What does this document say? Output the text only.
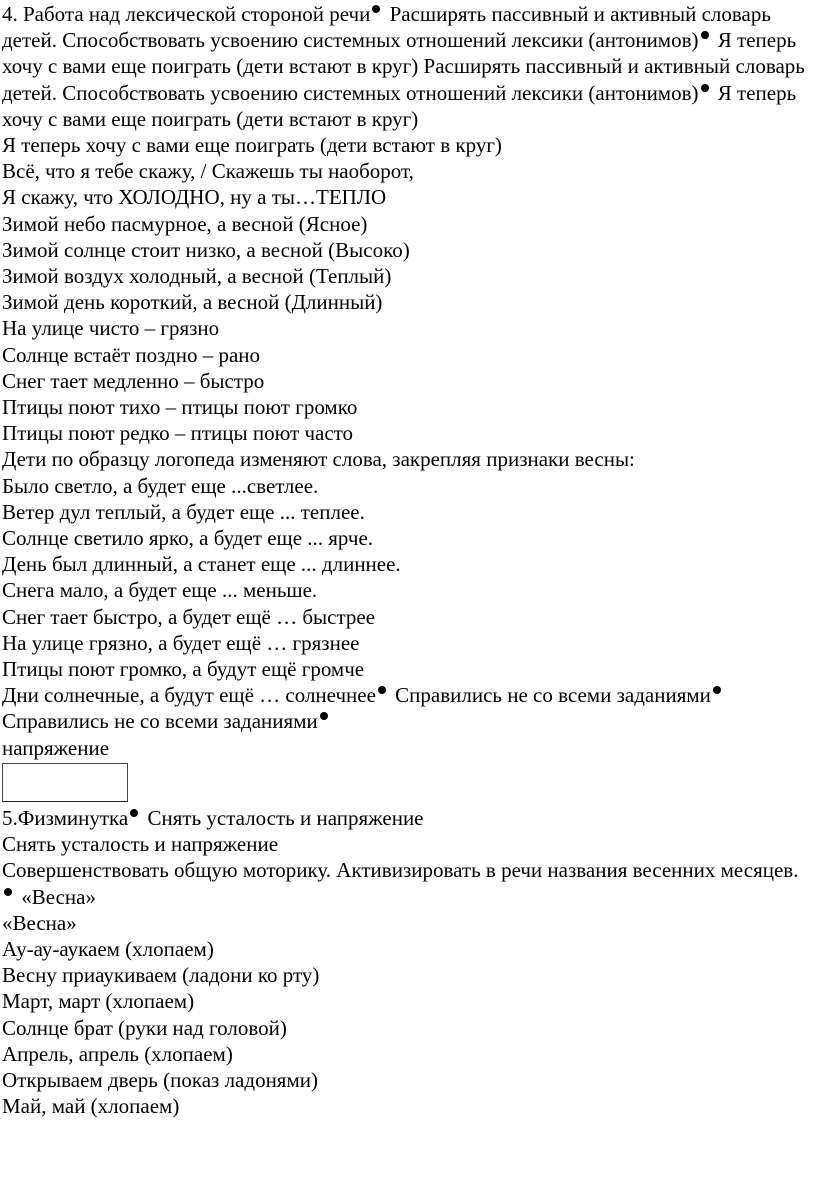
4. Работа над лексической стороной речи Расширять пассивный и активный словарь детей. Способствовать усвоению системных отношений лексики (антонимов) Я теперь хочу с вами еще поиграть (дети встают в круг) Расширять пассивный и активный словарь детей. Способствовать усвоению системных отношений лексики (антонимов) Я теперь хочу с вами еще поиграть (дети встают в круг)

Я теперь хочу с вами еще поиграть (дети встают в круг)

Всё, что я тебе скажу, / Скажешь ты наоборот,

Я скажу, что ХОЛОДНО, ну а ты…ТЕПЛО

Зимой небо пасмурное, а весной (Ясное)

Зимой солнце стоит низко, а весной (Высоко)

Зимой воздух холодный, а весной (Теплый)

Зимой день короткий, а весной (Длинный)

На улице чисто – грязно

Солнце встаёт поздно – рано

Снег тает медленно – быстро

Птицы поют тихо – птицы поют громко

Птицы поют редко – птицы поют часто

Дети по образцу логопеда изменяют слова, закрепляя признаки весны:

Было светло, а будет еще ...светлее.

Ветер дул теплый, а будет еще ... теплее.

Солнце светило ярко, а будет еще ... ярче.

День был длинный, а станет еще ... длиннее.

Снега мало, а будет еще ... меньше.

Снег тает быстро, а будет ещё … быстрее

На улице грязно, а будет ещё … грязнее

Птицы поют громко, а будут ещё громче

Дни солнечные, а будут ещё … солнечнее Справились не со всеми заданиями

Справились не со всеми заданиями

напряжение

5.Физминутка Снять усталость и напряжение

Снять усталость и напряжение

Совершенствовать общую моторику. Активизировать в речи названия весенних месяцев. «Весна»

«Весна»

Ау-ау-аукаем (хлопаем)

Весну приаукиваем (ладони ко рту)

Март, март (хлопаем)

Солнце брат (руки над головой)

Апрель, апрель (хлопаем)

Открываем дверь (показ ладонями)

Май, май (хлопаем)
